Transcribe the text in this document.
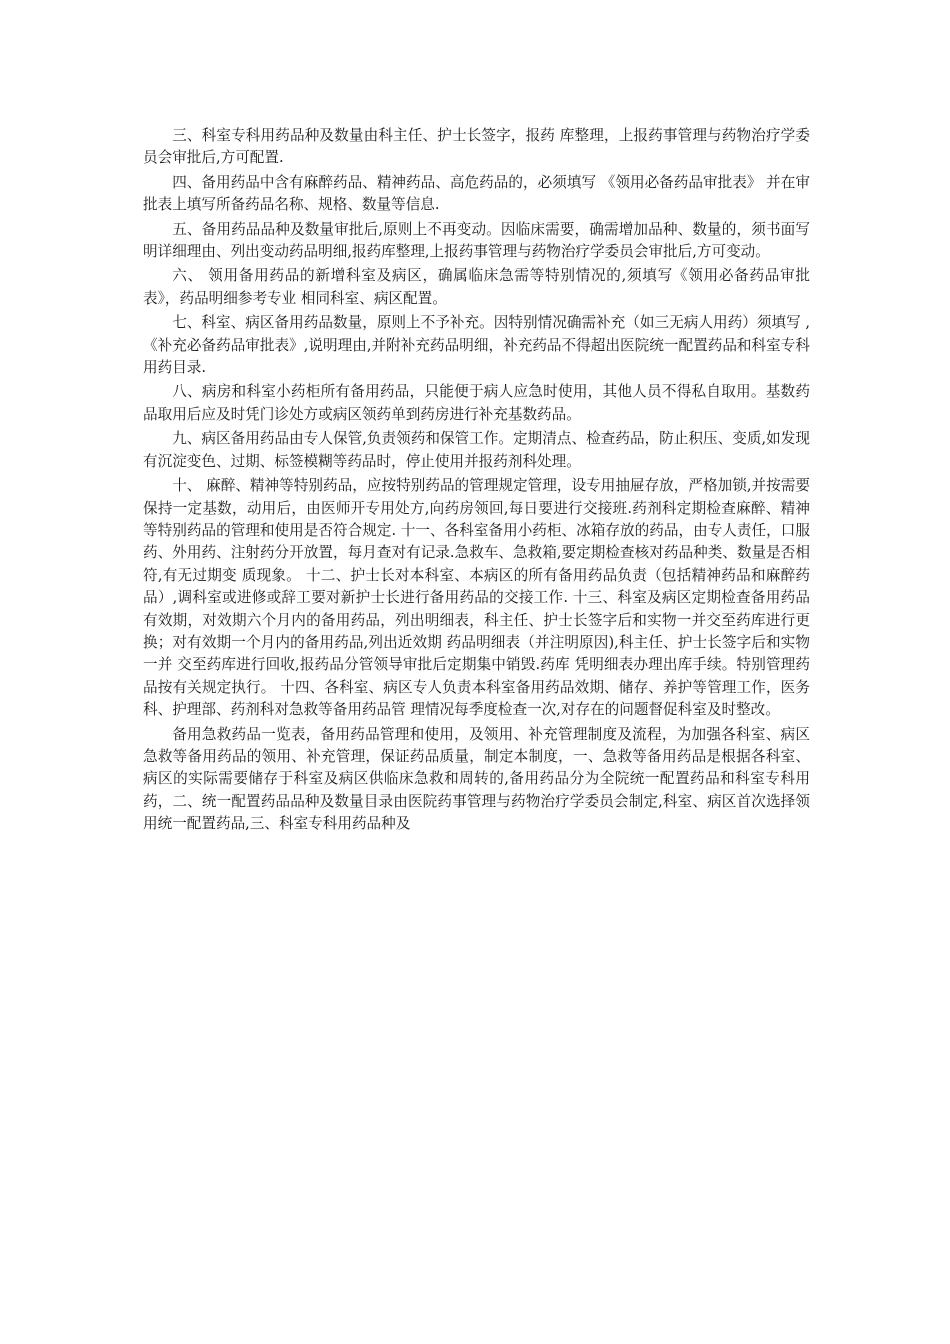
三、科室专科用药品种及数量由科主任、护士长签字，报药 库整理，上报药事管理与药物治疗学委员会审批后,方可配置.

四、备用药品中含有麻醉药品、精神药品、高危药品的，必须填写 《领用必备药品审批表》 并在审批表上填写所备药品名称、规格、数量等信息.

五、备用药品品种及数量审批后,原则上不再变动。因临床需要，确需增加品种、数量的，须书面写明详细理由、列出变动药品明细,报药库整理,上报药事管理与药物治疗学委员会审批后,方可变动。

六、 领用备用药品的新增科室及病区，确属临床急需等特别情况的,须填写《领用必备药品审批表》，药品明细参考专业 相同科室、病区配置。

七、科室、病区备用药品数量，原则上不予补充。因特别情况确需补充（如三无病人用药）须填写 ,《补充必备药品审批表》,说明理由,并附补充药品明细，补充药品不得超出医院统一配置药品和科室专科用药目录.

八、病房和科室小药柜所有备用药品，只能便于病人应急时使用，其他人员不得私自取用。基数药品取用后应及时凭门诊处方或病区领药单到药房进行补充基数药品。

九、病区备用药品由专人保管,负责领药和保管工作。定期清点、检查药品，防止积压、变质,如发现有沉淀变色、过期、标签模糊等药品时，停止使用并报药剂科处理。

十、 麻醉、精神等特别药品，应按特别药品的管理规定管理，设专用抽屉存放，严格加锁,并按需要保持一定基数，动用后，由医师开专用处方,向药房领回,每日要进行交接班.药剂科定期检查麻醉、精神等特别药品的管理和使用是否符合规定. 十一、各科室备用小药柜、冰箱存放的药品，由专人责任，口服药、外用药、注射药分开放置，每月查对有记录.急救车、急救箱,要定期检查核对药品种类、数量是否相符,有无过期变 质现象。 十二、护士长对本科室、本病区的所有备用药品负责（包括精神药品和麻醉药品）,调科室或进修或辞工要对新护士长进行备用药品的交接工作. 十三、科室及病区定期检查备用药品有效期，对效期六个月内的备用药品，列出明细表，科主任、护士长签字后和实物一并交至药库进行更换；对有效期一个月内的备用药品,列出近效期 药品明细表（并注明原因),科主任、护士长签字后和实物一并 交至药库进行回收,报药品分管领导审批后定期集中销毁.药库 凭明细表办理出库手续。特别管理药品按有关规定执行。 十四、各科室、病区专人负责本科室备用药品效期、储存、养护等管理工作，医务科、护理部、药剂科对急救等备用药品管 理情况每季度检查一次,对存在的问题督促科室及时整改。

备用急救药品一览表，备用药品管理和使用，及领用、补充管理制度及流程，为加强各科室、病区急救等备用药品的领用、补充管理，保证药品质量，制定本制度，一、急救等备用药品是根据各科室、病区的实际需要储存于科室及病区供临床急救和周转的,备用药品分为全院统一配置药品和科室专科用药，二、统一配置药品品种及数量目录由医院药事管理与药物治疗学委员会制定,科室、病区首次选择领用统一配置药品,三、科室专科用药品种及
